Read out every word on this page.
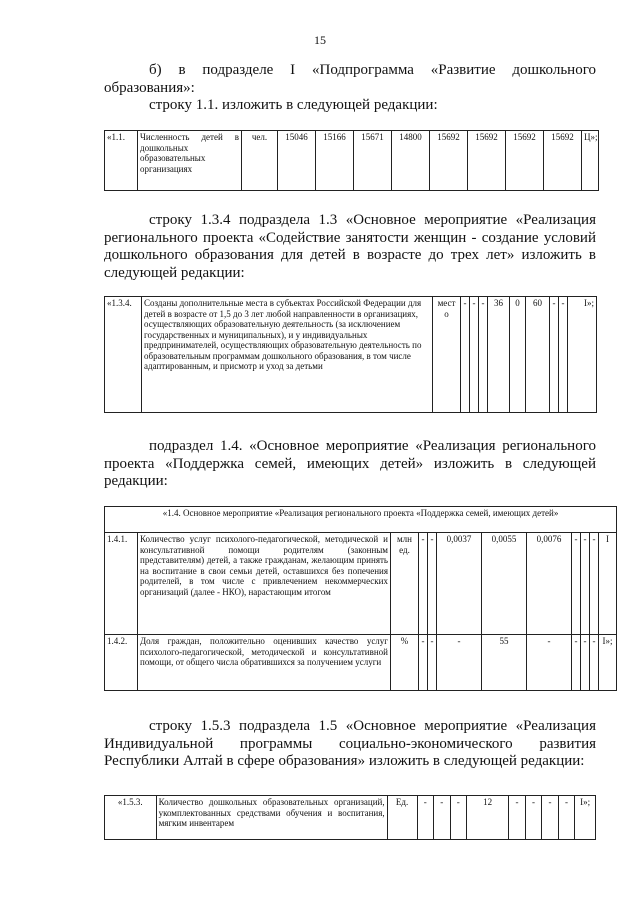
15
б) в подразделе I «Подпрограмма «Развитие дошкольного
образования»:
строку 1.1. изложить в следующей редакции:
«1.1.	Численность детей в дошкольных образовательных организациях	чел.	15046	15166	15671	14800	15692	15692	15692	15692	Ц»;
строку 1.3.4 подраздела 1.3 «Основное мероприятие «Реализация
регионального проекта «Содействие занятости женщин - создание условий
дошкольного образования для детей в возрасте до трех лет» изложить в
следующей редакции:
«1.3.4.	Созданы дополнительные места в субъектах Российской Федерации для детей в возрасте от 1,5 до 3 лет любой направленности в организациях, осуществляющих образовательную деятельность (за исключением государственных и муниципальных), и у индивидуальных предпринимателей, осуществляющих образовательную деятельность по образовательным программам дошкольного образования, в том числе адаптированным, и присмотр и уход за детьми	мест о	-	-	-	36	0	60	-	-	I»;
подраздел 1.4. «Основное мероприятие «Реализация регионального
проекта «Поддержка семей, имеющих детей» изложить в следующей
редакции:
«1.4. Основное мероприятие «Реализация регионального проекта «Поддержка семей, имеющих детей»											
1.4.1.	Количество услуг психолого-педагогической, методической и консультативной помощи родителям (законным представителям) детей, а также гражданам, желающим принять на воспитание в свои семьи детей, оставшихся без попечения родителей, в том числе с привлечением некоммерческих организаций (далее - НКО), нарастающим итогом	млн ед.	-	-	0,0037	0,0055	0,0076	-	-	-	I
1.4.2.	Доля граждан, положительно оценивших качество услуг психолого-педагогической, методической и консультативной помощи, от общего числа обратившихся за получением услуги	%	-	-	-	55	-	-	-	-	I»;
строку 1.5.3 подраздела 1.5 «Основное мероприятие «Реализация
Индивидуальной программы социально-экономического развития
Республики Алтай в сфере образования» изложить в следующей редакции:
«1.5.3.	Количество дошкольных образовательных организаций, укомплектованных средствами обучения и воспитания, мягким инвентарем	Ед.	-	-	-	12	-	-	-	-	I»;
